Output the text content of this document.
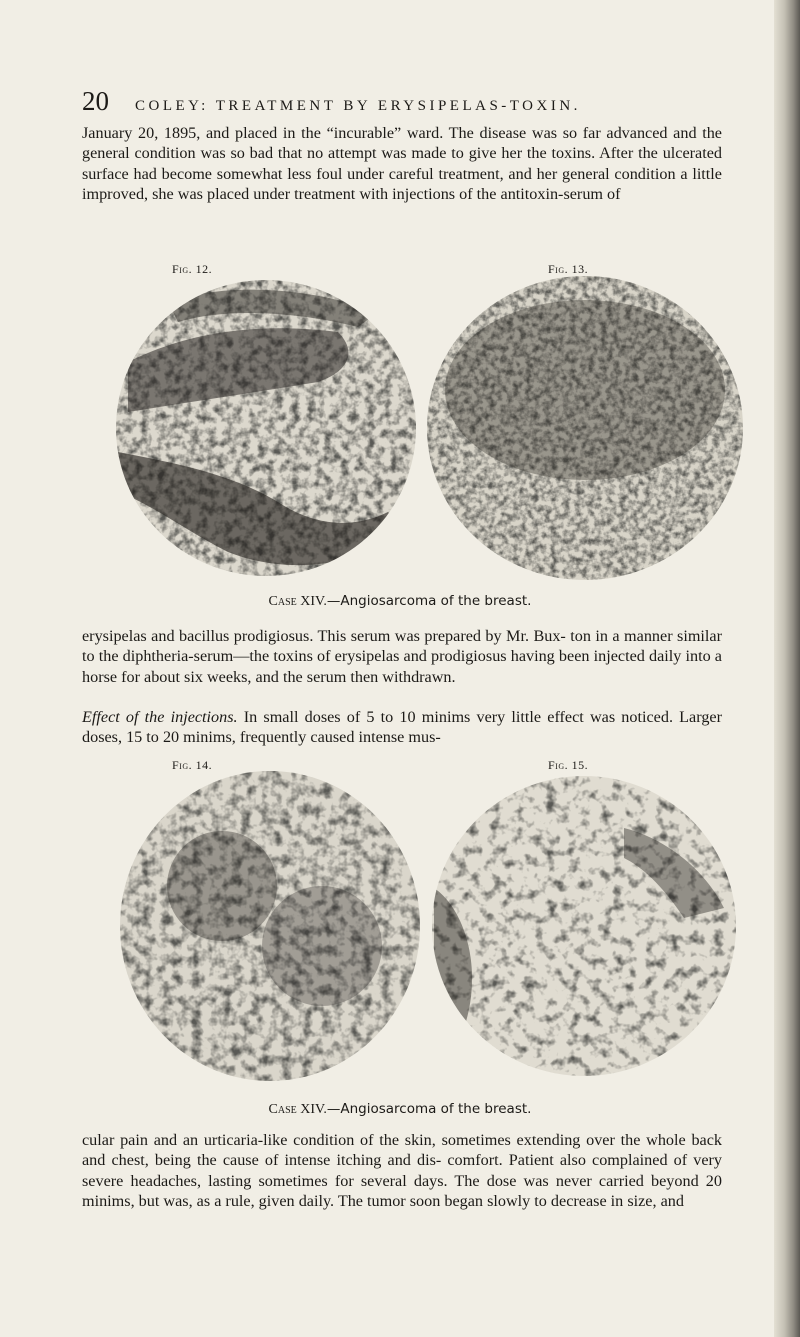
20 COLEY: TREATMENT BY ERYSIPELAS-TOXIN.

January 20, 1895, and placed in the “incurable” ward. The disease was so far advanced and the general condition was so bad that no attempt was made to give her the toxins. After the ulcerated surface had become somewhat less foul under careful treatment, and her general condition a little improved, she was placed under treatment with injections of the antitoxin-serum of

Fig. 12.	Fig. 13.
Case XIV.—Angiosarcoma of the breast.

erysipelas and bacillus prodigiosus. This serum was prepared by Mr. Bux- ton in a manner similar to the diphtheria-serum—the toxins of erysipelas and prodigiosus having been injected daily into a horse for about six weeks, and the serum then withdrawn.

Effect of the injections. In small doses of 5 to 10 minims very little effect was noticed. Larger doses, 15 to 20 minims, frequently caused intense mus-

Fig. 14.	Fig. 15.
Case XIV.—Angiosarcoma of the breast.

cular pain and an urticaria-like condition of the skin, sometimes extending over the whole back and chest, being the cause of intense itching and dis- comfort. Patient also complained of very severe headaches, lasting sometimes for several days. The dose was never carried beyond 20 minims, but was, as a rule, given daily. The tumor soon began slowly to decrease in size, and
